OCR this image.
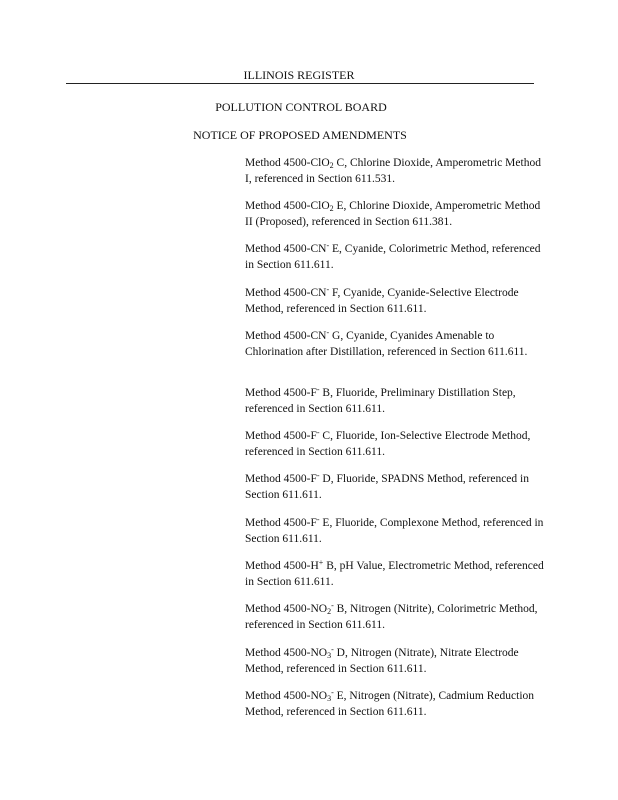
ILLINOIS REGISTER
POLLUTION CONTROL BOARD
NOTICE OF PROPOSED AMENDMENTS

Method 4500-ClO$_2$ C, Chlorine Dioxide, Amperometric Method I, referenced in Section 611.531.

Method 4500-ClO$_2$ E, Chlorine Dioxide, Amperometric Method II (Proposed), referenced in Section 611.381.

Method 4500-CN- E, Cyanide, Colorimetric Method, referenced in Section 611.611.

Method 4500-CN- F, Cyanide, Cyanide-Selective Electrode Method, referenced in Section 611.611.

Method 4500-CN- G, Cyanide, Cyanides Amenable to Chlorination after Distillation, referenced in Section 611.611.

Method 4500-F- B, Fluoride, Preliminary Distillation Step, referenced in Section 611.611.

Method 4500-F- C, Fluoride, Ion-Selective Electrode Method, referenced in Section 611.611.

Method 4500-F- D, Fluoride, SPADNS Method, referenced in Section 611.611.

Method 4500-F- E, Fluoride, Complexone Method, referenced in Section 611.611.

Method 4500-H+ B, pH Value, Electrometric Method, referenced in Section 611.611.

Method $4500-NO_2^-$ B, Nitrogen (Nitrite), Colorimetric Method, referenced in Section 611.611.

Method $4500-NO_3^-$ D, Nitrogen (Nitrate), Nitrate Electrode Method, referenced in Section 611.611.

Method $4500-NO_3^-$ E, Nitrogen (Nitrate), Cadmium Reduction Method, referenced in Section 611.611.
